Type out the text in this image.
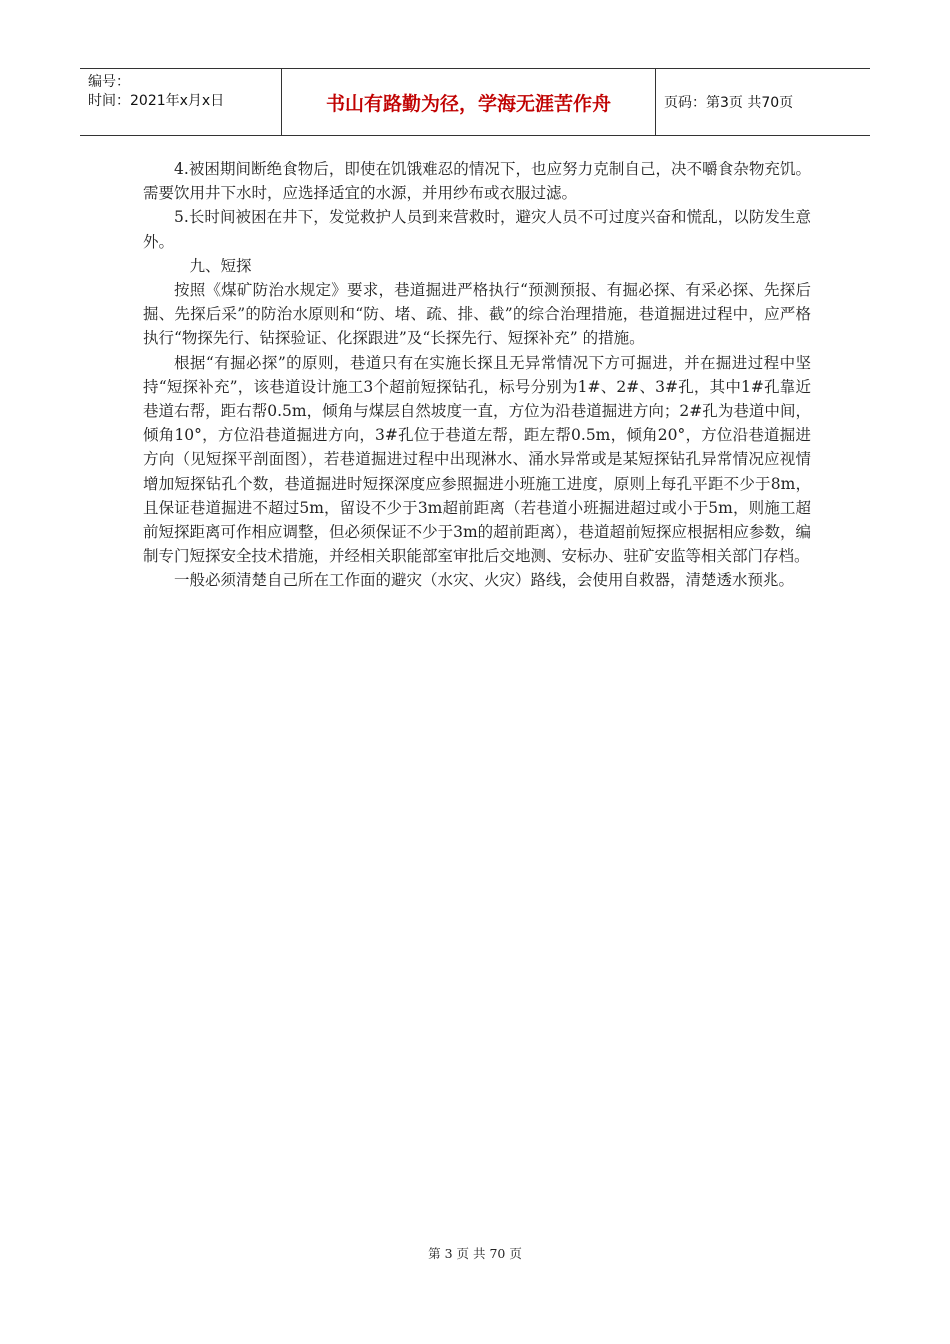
编号：
时间：2021年x月x日	书山有路勤为径，学海无涯苦作舟	页码：第3页 共70页

4.被困期间断绝食物后，即使在饥饿难忍的情况下，也应努力克制自己，决不嚼食杂物充饥。需要饮用井下水时，应选择适宜的水源，并用纱布或衣服过滤。

5.长时间被困在井下，发觉救护人员到来营救时，避灾人员不可过度兴奋和慌乱，以防发生意外。

九、短探

按照《煤矿防治水规定》要求，巷道掘进严格执行“预测预报、有掘必探、有采必探、先探后掘、先探后采”的防治水原则和“防、堵、疏、排、截”的综合治理措施，巷道掘进过程中，应严格执行“物探先行、钻探验证、化探跟进”及“长探先行、短探补充” 的措施。

根据“有掘必探”的原则，巷道只有在实施长探且无异常情况下方可掘进，并在掘进过程中坚持“短探补充”，该巷道设计施工3个超前短探钻孔，标号分别为1#、2#、3#孔，其中1#孔靠近巷道右帮，距右帮0.5m，倾角与煤层自然坡度一直，方位为沿巷道掘进方向；2#孔为巷道中间，倾角10°，方位沿巷道掘进方向，3#孔位于巷道左帮，距左帮0.5m，倾角20°，方位沿巷道掘进方向（见短探平剖面图），若巷道掘进过程中出现淋水、涌水异常或是某短探钻孔异常情况应视情增加短探钻孔个数，巷道掘进时短探深度应参照掘进小班施工进度，原则上每孔平距不少于8m，且保证巷道掘进不超过5m，留设不少于3m超前距离（若巷道小班掘进超过或小于5m，则施工超前短探距离可作相应调整，但必须保证不少于3m的超前距离），巷道超前短探应根据相应参数，编制专门短探安全技术措施，并经相关职能部室审批后交地测、安标办、驻矿安监等相关部门存档。

一般必须清楚自己所在工作面的避灾（水灾、火灾）路线，会使用自救器，清楚透水预兆。

第 3 页 共 70 页
